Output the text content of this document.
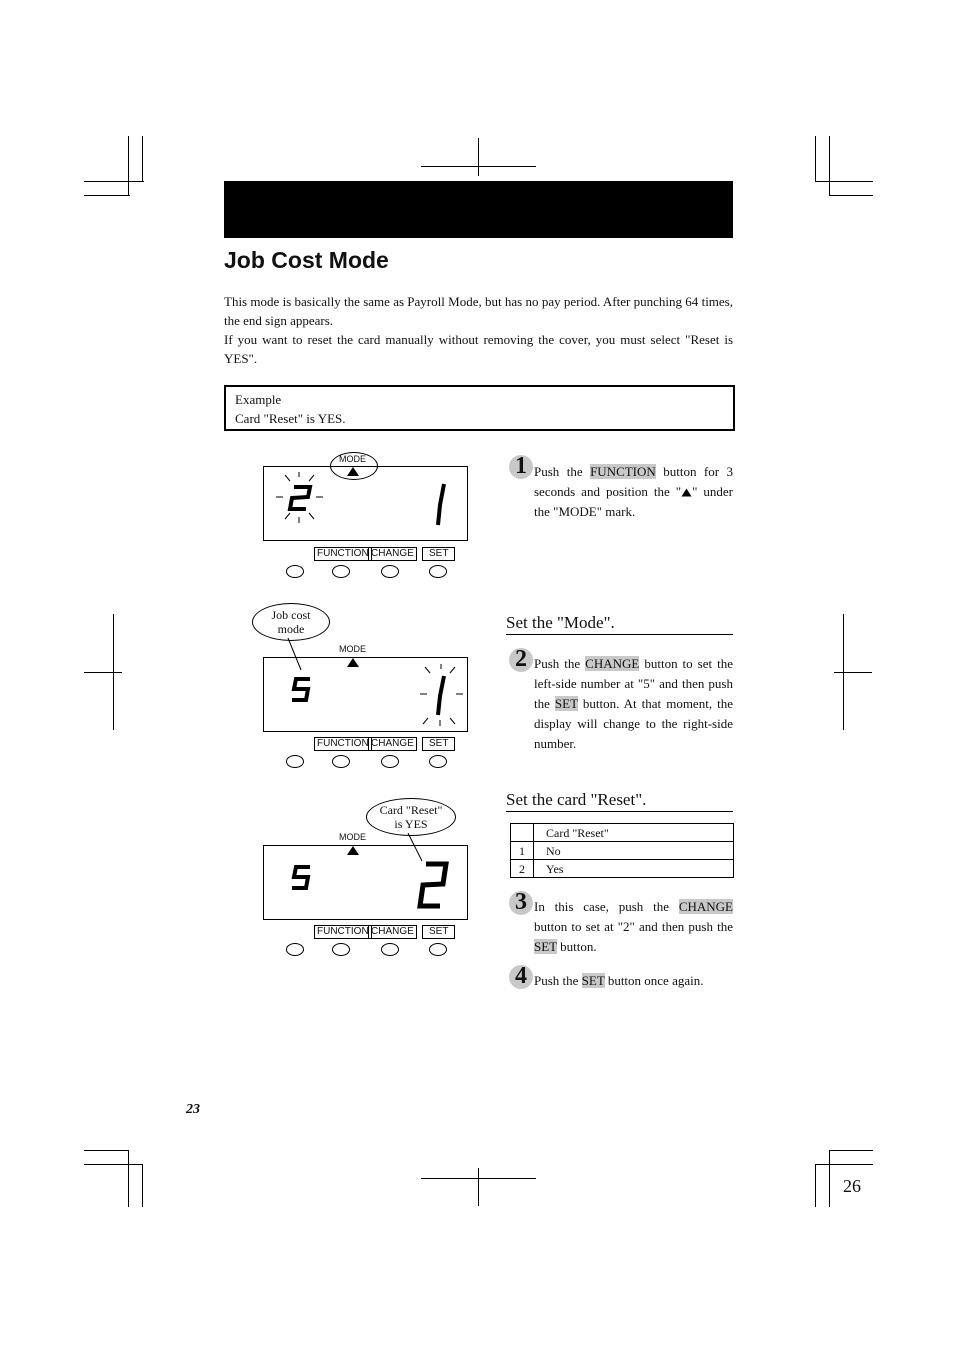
Job Cost Mode

This mode is basically the same as Payroll Mode, but has no pay period. After punching 64 times, the end sign appears.

If you want to reset the card manually without removing the cover, you must select "Reset is YES".

Example
Card "Reset" is YES.
MODE
FUNCTION CHANGE	SET
Job cost
mode
MODE
FUNCTION CHANGE	SET
Card "Reset"
is YES
MODE
FUNCTION CHANGE	SET
1 Push the FUNCTION button for 3 seconds and position the " " under the "MODE" mark.
Set the "Mode".
2 Push the CHANGE button to set the left-side number at "5" and then push the SET button. At that moment, the display will change to the right-side number.
Set the card "Reset".
	Card "Reset"
1	No
2	Yes
3 In this case, push the CHANGE button to set at "2" and then push the SET button.
4 Push the SET button once again.
23
26
